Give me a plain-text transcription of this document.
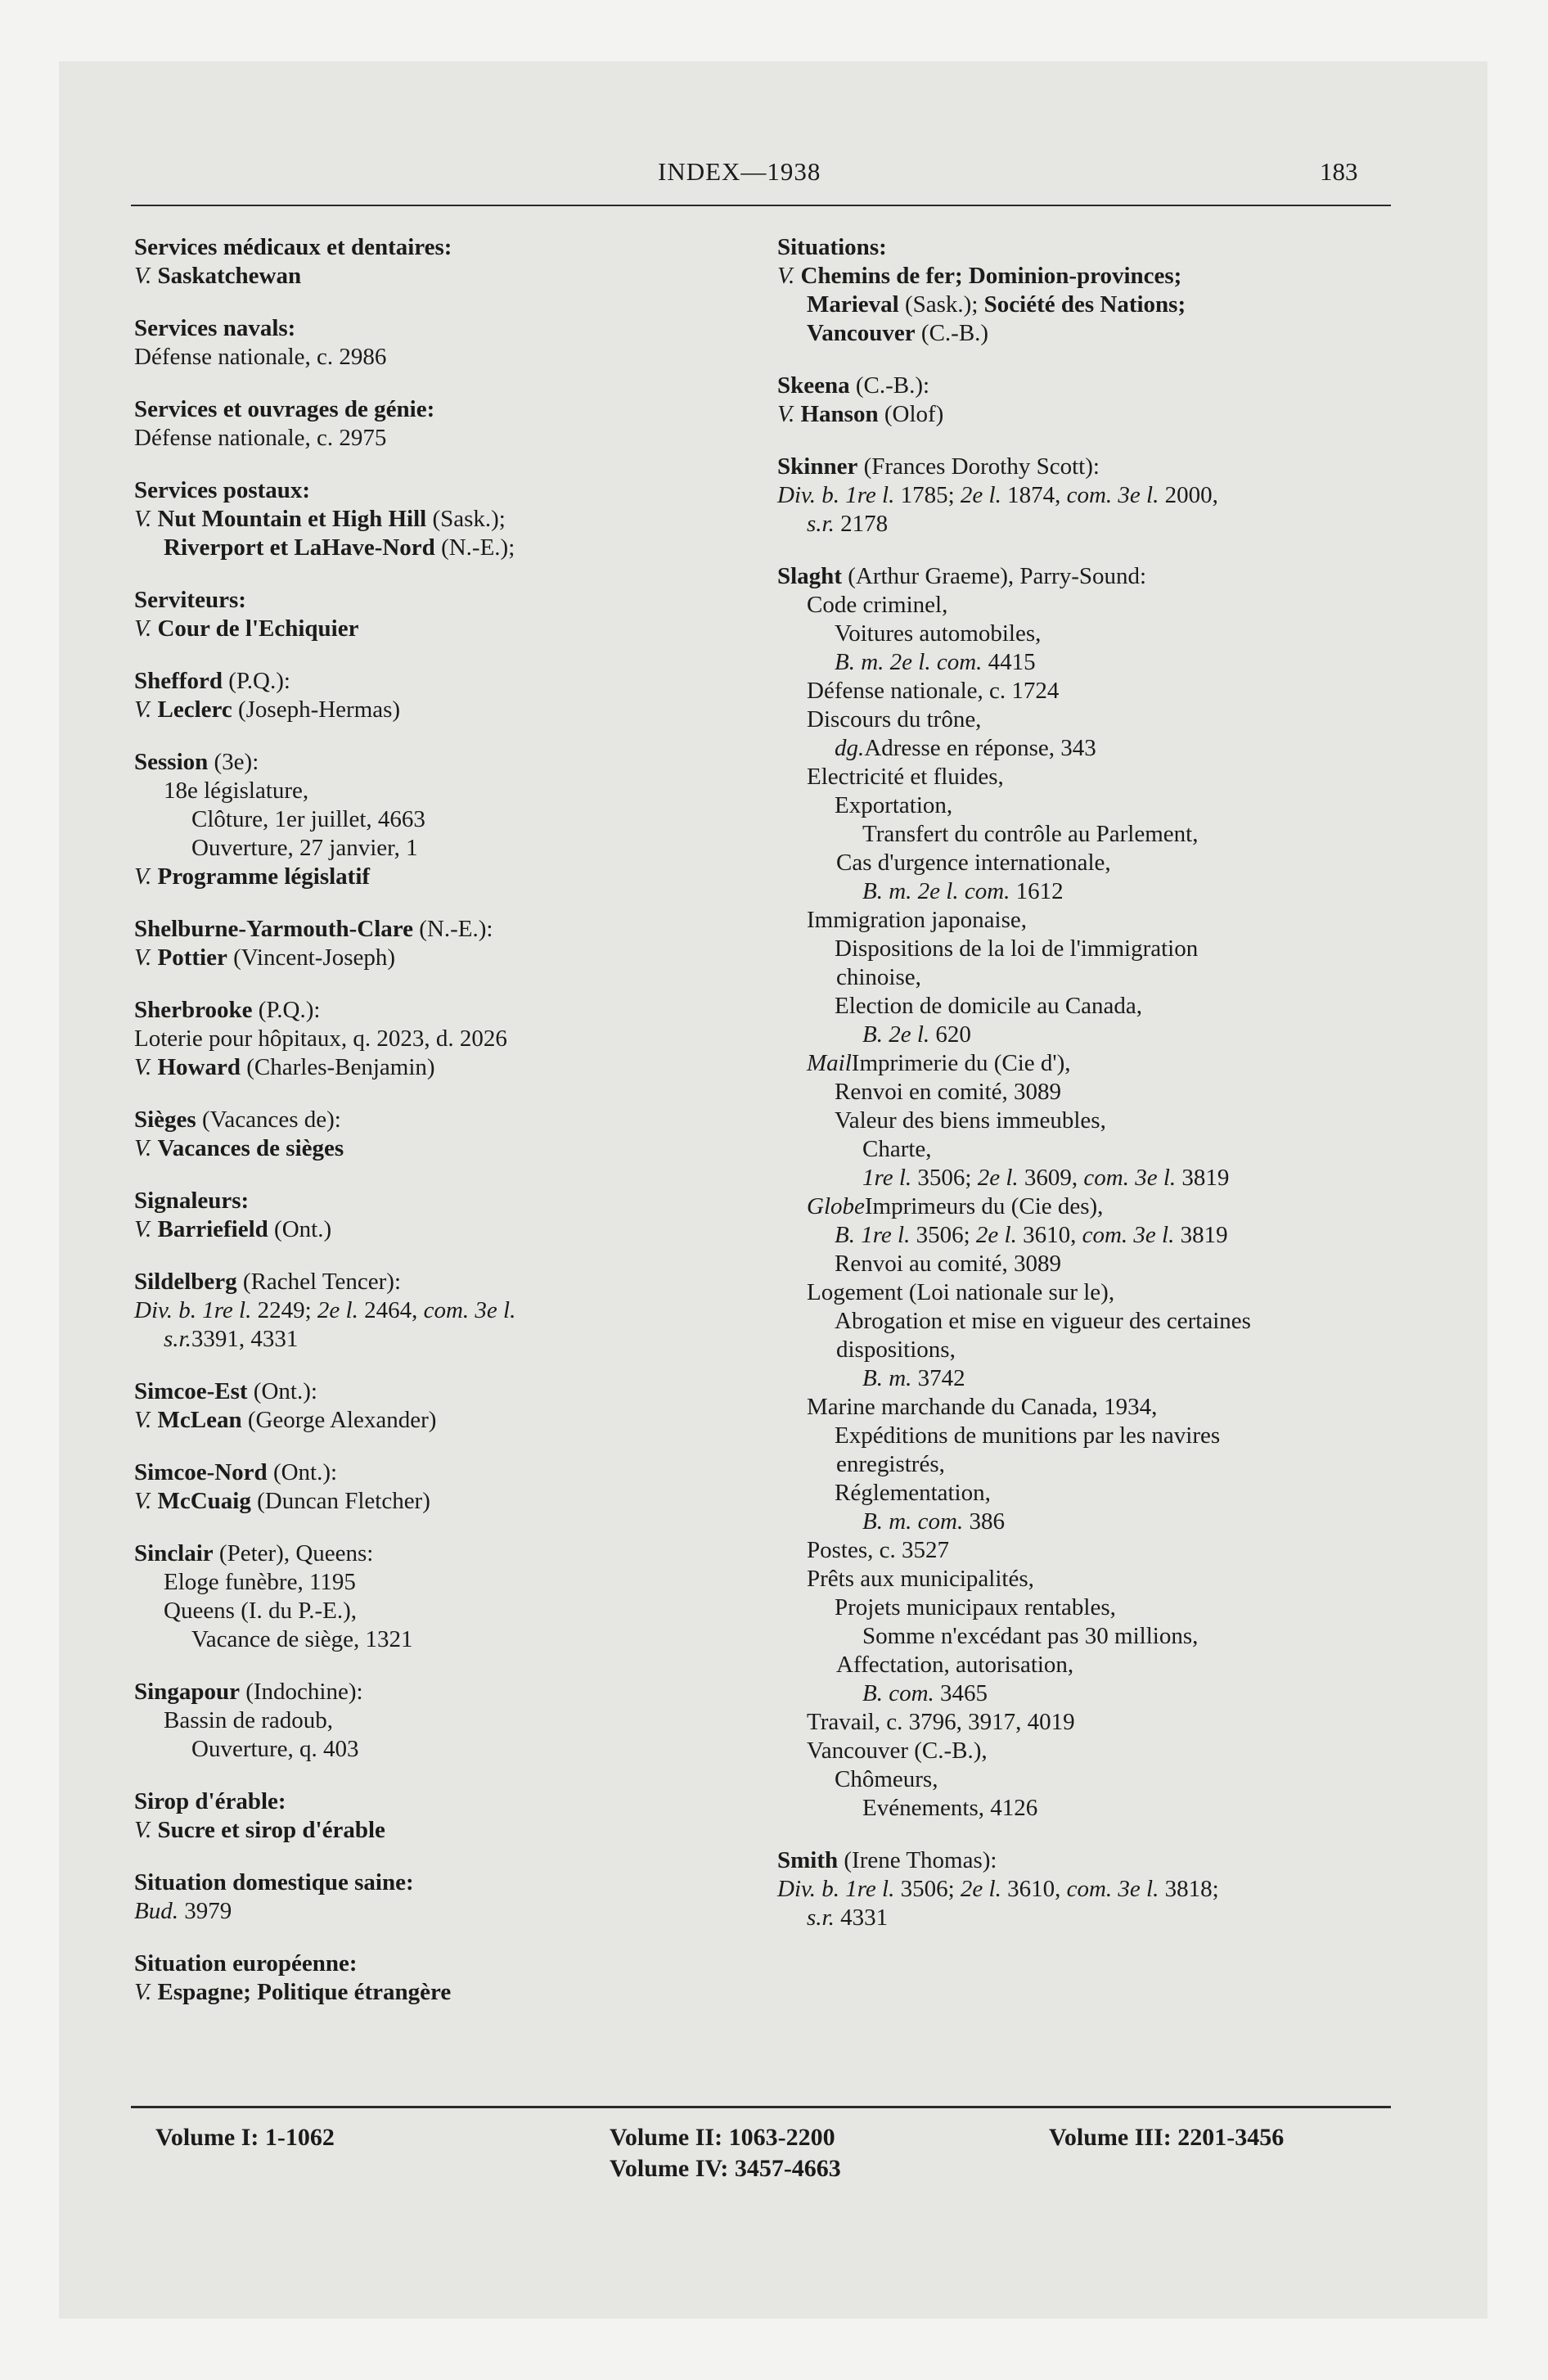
INDEX—1938	183
Services médicaux et dentaires:
V. Saskatchewan
Services navals:
Défense nationale, c. 2986
Services et ouvrages de génie:
Défense nationale, c. 2975
Services postaux:
V. Nut Mountain et High Hill (Sask.);
Riverport et LaHave-Nord (N.-E.);
Serviteurs:
V. Cour de l'Echiquier
Shefford (P.Q.):
V. Leclerc (Joseph-Hermas)
Session (3e):
18e législature,
Clôture, 1er juillet, 4663
Ouverture, 27 janvier, 1
V. Programme législatif
Shelburne-Yarmouth-Clare (N.-E.):
V. Pottier (Vincent-Joseph)
Sherbrooke (P.Q.):
Loterie pour hôpitaux, q. 2023, d. 2026
V. Howard (Charles-Benjamin)
Sièges (Vacances de):
V. Vacances de sièges
Signaleurs:
V. Barriefield (Ont.)
Sildelberg (Rachel Tencer):
Div. b. 1re l. 2249; 2e l. 2464, com. 3e l.
s.r.3391, 4331
Simcoe-Est (Ont.):
V. McLean (George Alexander)
Simcoe-Nord (Ont.):
V. McCuaig (Duncan Fletcher)
Sinclair (Peter), Queens:
Eloge funèbre, 1195
Queens (I. du P.-E.),
Vacance de siège, 1321
Singapour (Indochine):
Bassin de radoub,
Ouverture, q. 403
Sirop d'érable:
V. Sucre et sirop d'érable
Situation domestique saine:
Bud. 3979
Situation européenne:
V. Espagne; Politique étrangère
Situations:
V. Chemins de fer; Dominion-provinces;
Marieval (Sask.); Société des Nations;
Vancouver (C.-B.)
Skeena (C.-B.):
V. Hanson (Olof)
Skinner (Frances Dorothy Scott):
Div. b. 1re l. 1785; 2e l. 1874, com. 3e l. 2000,
s.r. 2178
Slaght (Arthur Graeme), Parry-Sound:
Code criminel,
Voitures automobiles,
B. m. 2e l. com. 4415
Défense nationale, c. 1724
Discours du trône,
dg.Adresse en réponse, 343
Electricité et fluides,
Exportation,
Transfert du contrôle au Parlement,
Cas d'urgence internationale,
B. m. 2e l. com. 1612
Immigration japonaise,
Dispositions de la loi de l'immigration
chinoise,
Election de domicile au Canada,
B. 2e l. 620
MailImprimerie du (Cie d'),
Renvoi en comité, 3089
Valeur des biens immeubles,
Charte,
1re l. 3506; 2e l. 3609, com. 3e l. 3819
GlobeImprimeurs du (Cie des),
B. 1re l. 3506; 2e l. 3610, com. 3e l. 3819
Renvoi au comité, 3089
Logement (Loi nationale sur le),
Abrogation et mise en vigueur des certaines
dispositions,
B. m. 3742
Marine marchande du Canada, 1934,
Expéditions de munitions par les navires
enregistrés,
Réglementation,
B. m. com. 386
Postes, c. 3527
Prêts aux municipalités,
Projets municipaux rentables,
Somme n'excédant pas 30 millions,
Affectation, autorisation,
B. com. 3465
Travail, c. 3796, 3917, 4019
Vancouver (C.-B.),
Chômeurs,
Evénements, 4126
Smith (Irene Thomas):
Div. b. 1re l. 3506; 2e l. 3610, com. 3e l. 3818;
s.r. 4331
Volume I: 1-1062	Volume II: 1063-2200	Volume III: 2201-3456
Volume IV: 3457-4663
